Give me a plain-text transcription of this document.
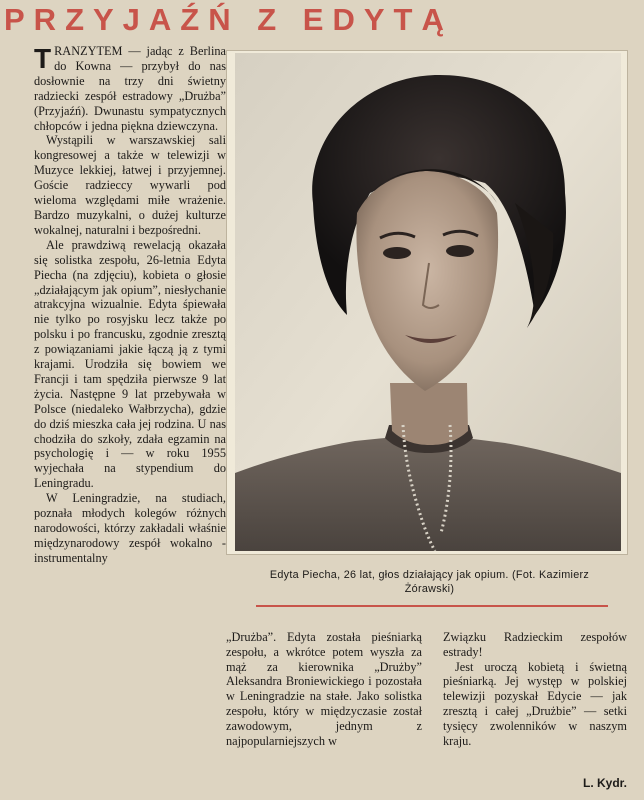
PRZYJAŹŃ Z EDYTĄ

TRANZYTEM — jadąc z Berlina do Kowna — przybył do nas dosłownie na trzy dni świetny radziecki zespół estradowy „Drużba” (Przyjaźń). Dwunastu sympatycznych chłopców i jedna piękna dziewczyna.

Wystąpili w warszawskiej sali kongresowej a także w telewizji w Muzyce lekkiej, łatwej i przyjemnej. Goście radzieccy wywarli pod wieloma względami miłe wrażenie. Bardzo muzykalni, o dużej kulturze wokalnej, naturalni i bezpośredni.

Ale prawdziwą rewelacją okazała się solistka zespołu, 26-letnia Edyta Piecha (na zdjęciu), kobieta o głosie „działającym jak opium”, niesłychanie atrakcyjna wizualnie. Edyta śpiewała nie tylko po rosyjsku lecz także po polsku i po francusku, zgodnie zresztą z powiązaniami jakie łączą ją z tymi krajami. Urodziła się bowiem we Francji i tam spędziła pierwsze 9 lat życia. Następne 9 lat przebywała w Polsce (niedaleko Wałbrzycha), gdzie do dziś mieszka cała jej rodzina. U nas chodziła do szkoły, zdała egzamin na psychologię i — w roku 1955 wyjechała na stypendium do Leningradu.

W Leningradzie, na studiach, poznała młodych kolegów różnych narodowości, którzy zakładali właśnie międzynarodowy zespół wokalno - instrumentalny

Edyta Piecha, 26 lat, głos działający jak opium. (Fot. Kazimierz Żórawski)

„Drużba”. Edyta została pieśniarką zespołu, a wkrótce potem wyszła za mąż za kierownika „Drużby” Aleksandra Broniewickiego i pozostała w Leningradzie na stałe. Jako solistka zespołu, który w międzyczasie został zawodowym, jednym z najpopularniejszych w

Związku Radzieckim zespołów estrady!

Jest uroczą kobietą i świetną pieśniarką. Jej występ w polskiej telewizji pozyskał Edycie — jak zresztą i całej „Drużbie” — setki tysięcy zwolenników w naszym kraju.

L. Kydr.
